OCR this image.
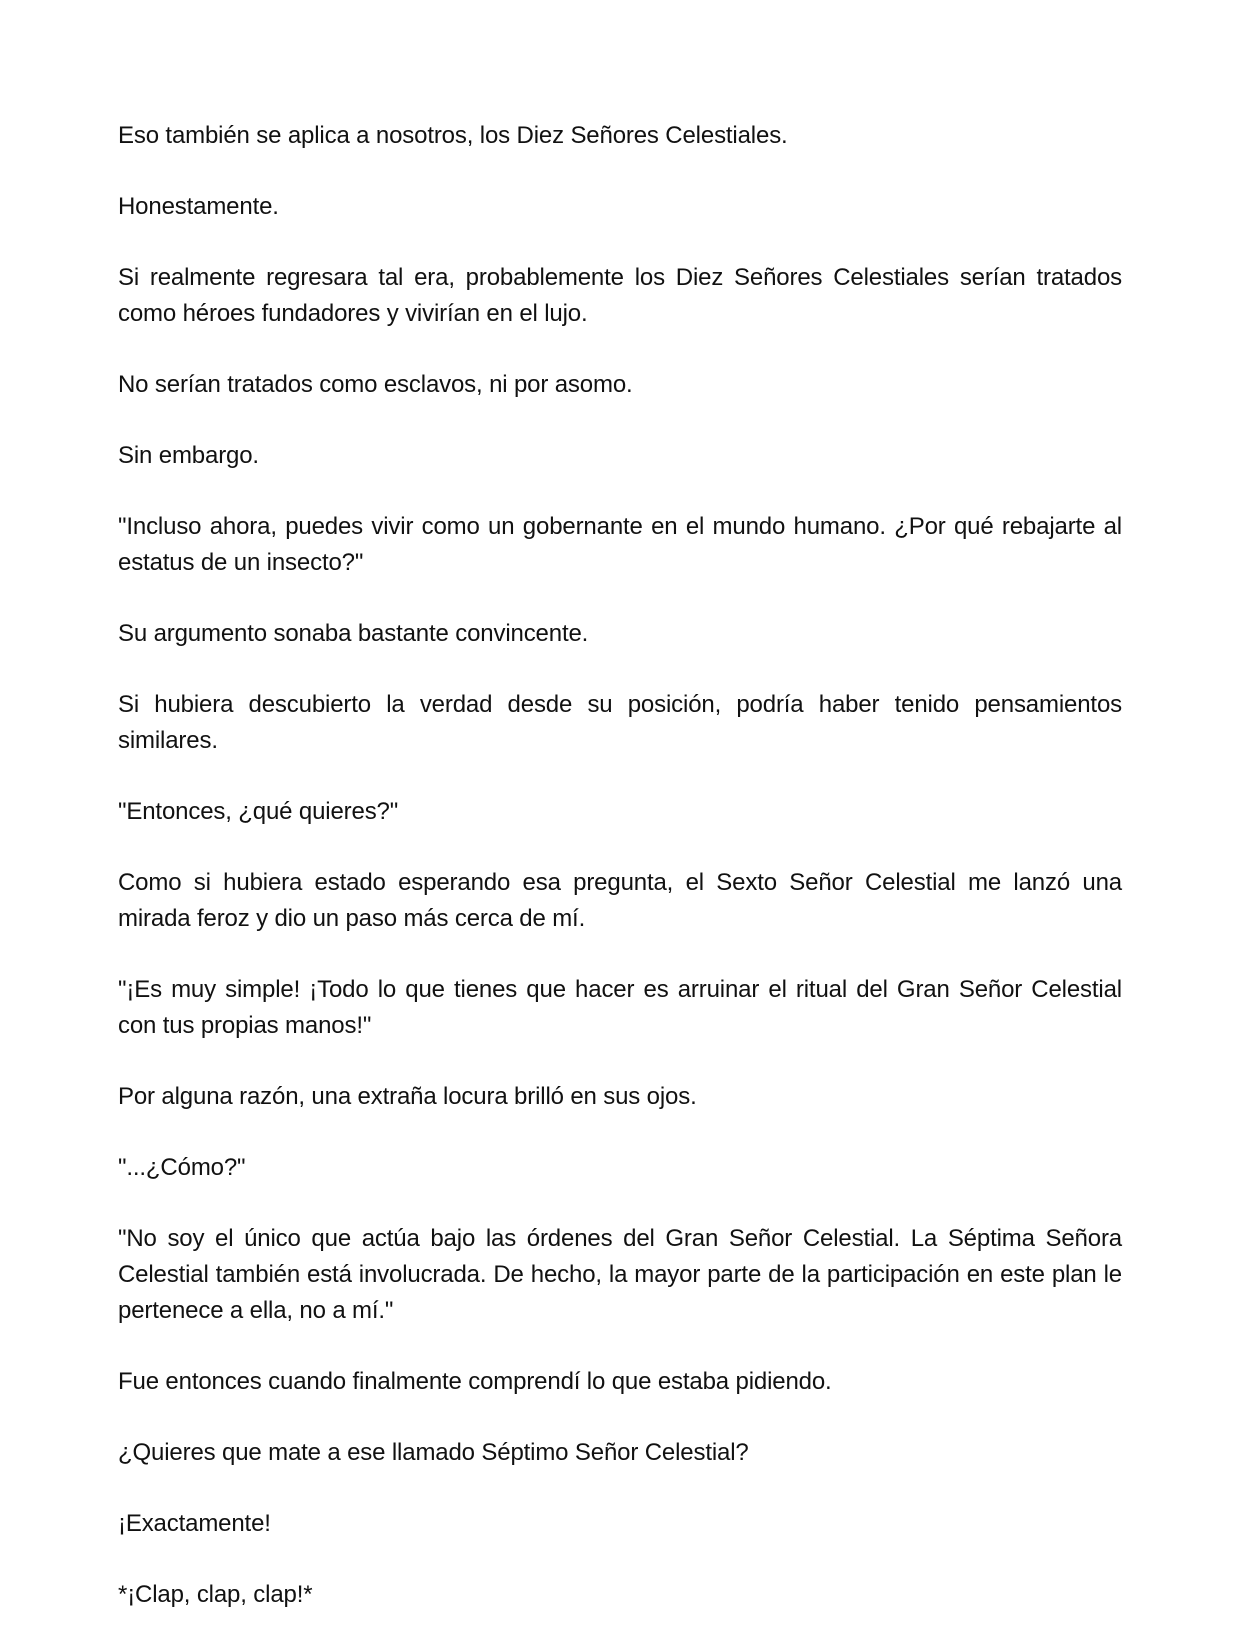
Eso también se aplica a nosotros, los Diez Señores Celestiales.

Honestamente.

Si realmente regresara tal era, probablemente los Diez Señores Celestiales serían tratados como héroes fundadores y vivirían en el lujo.

No serían tratados como esclavos, ni por asomo.

Sin embargo.

"Incluso ahora, puedes vivir como un gobernante en el mundo humano. ¿Por qué rebajarte al estatus de un insecto?"

Su argumento sonaba bastante convincente.

Si hubiera descubierto la verdad desde su posición, podría haber tenido pensamientos similares.

"Entonces, ¿qué quieres?"

Como si hubiera estado esperando esa pregunta, el Sexto Señor Celestial me lanzó una mirada feroz y dio un paso más cerca de mí.

"¡Es muy simple! ¡Todo lo que tienes que hacer es arruinar el ritual del Gran Señor Celestial con tus propias manos!"

Por alguna razón, una extraña locura brilló en sus ojos.

"...¿Cómo?"

"No soy el único que actúa bajo las órdenes del Gran Señor Celestial. La Séptima Señora Celestial también está involucrada. De hecho, la mayor parte de la participación en este plan le pertenece a ella, no a mí."

Fue entonces cuando finalmente comprendí lo que estaba pidiendo.

¿Quieres que mate a ese llamado Séptimo Señor Celestial?

¡Exactamente!

*¡Clap, clap, clap!*
